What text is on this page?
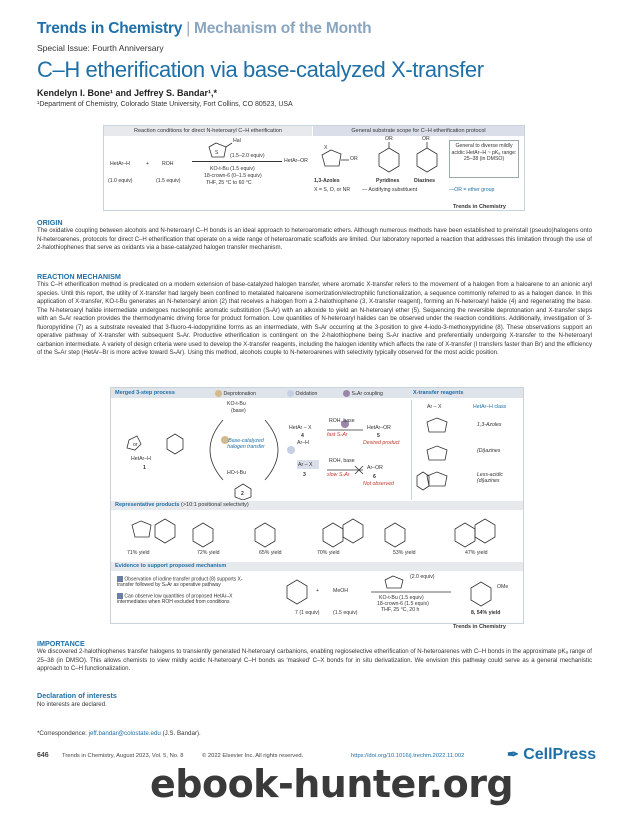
Trends in Chemistry | Mechanism of the Month
Special Issue: Fourth Anniversary
C–H etherification via base-catalyzed X-transfer
Kendelyn I. Bone¹ and Jeffrey S. Bandar¹,*
¹Department of Chemistry, Colorado State University, Fort Collins, CO 80523, USA
Reaction conditions for direct N-heteroaryl C–H etherification	General substrate scope for C–H etherification protocol
HetAr–H	+ ROH
(1.0 equiv)	(1.5 equiv)
S
Hal
(1.5–2.0 equiv)
KO-t-Bu (1.5 equiv)
18-crown-6 (0–1.5 equiv)
THF, 25 °C to 60 °C
HetAr–OR	OR
X
1,3-Azoles
X = S, O, or NR
OR
Pyridines
OR
Diazines
General to diverse mildly acidic HetAr–H ~ pKₐ range: 25–38 (in DMSO)
— Acidifying substituent	—OR = ether group
Trends in Chemistry
ORIGIN
The oxidative coupling between alcohols and N-heteroaryl C–H bonds is an ideal approach to heteroaromatic ethers. Although numerous methods have been established to preinstall (pseudo)halogens onto N-heteroarenes, protocols for direct C–H etherification that operate on a wide range of heteroaromatic scaffolds are limited. Our laboratory reported a reaction that addresses this limitation through the use of 2-halothiophenes that serve as oxidants via a base-catalyzed halogen transfer mechanism.
REACTION MECHANISM
This C–H etherification method is predicated on a modern extension of base-catalyzed halogen transfer, where aromatic X-transfer refers to the movement of a halogen from a haloarene to an anionic aryl species. Until this report, the utility of X-transfer had largely been confined to metalated haloarene isomerization/electrophilic functionalization, a sequence commonly referred to as a halogen dance. In this application of X-transfer, KO-t-Bu generates an N-heteroaryl anion (2) that receives a halogen from a 2-halothiophene (3, X-transfer reagent), forming an N-heteroaryl halide (4) and regenerating the base. The N-heteroaryl halide intermediate undergoes nucleophilic aromatic substitution (SₙAr) with an alkoxide to yield an N-heteroaryl ether (5). Sequencing the reversible deprotonation and X-transfer steps with an SₙAr reaction provides the thermodynamic driving force for product formation. Low quantities of N-heteroaryl halides can be observed under the reaction conditions. Additionally, investigation of 3-fluoropyridine (7) as a substrate revealed that 3-fluoro-4-iodopyridine forms as an intermediate, with SₙAr occurring at the 3-position to give 4-iodo-3-methoxypyridine (8). These observations support an operative pathway of X-transfer with subsequent SₙAr. Productive etherification is contingent on the 2-halothiophene being SₙAr inactive and preferentially undergoing X-transfer to the N-heteroaryl carbanion intermediate. A variety of design criteria were used to develop the X-transfer reagents, including the halogen identity which affects the rate of X-transfer (I transfers faster than Br) and the efficiency of the SₙAr step (HetAr–Br is more active toward SₙAr). Using this method, alcohols couple to N-heteroarenes with selectivity typically observed for the most acidic position.
Merged 3-step process	Deprotonation	Oxidation	SₙAr coupling	X-transfer reagents
or
HetAr–H
1
KO-t-Bu
(base)
Base-catalyzed halogen transfer
HO-t-Bu
2
HetAr – X
4
Ar–H
ROH, base
fast SₙAr
HetAr–OR
5
Desired product
Ar – X
3
ROH, base
slow SₙAr
Ar–OR
6
Not observed
Ar – X	HetAr–H class
1,3-Azoles
(Di)azines
Less-acidic (di)azines
Representative products (>10:1 positional selectivity)
71% yield	72% yield	65% yield	70% yield	53% yield	47% yield
Evidence to support proposed mechanism
Observation of iodine transfer product (8) supports X-transfer followed by SₙAr as operative pathway
Can observe low quantities of proposed HetAr–X intermediates when ROH excluded from conditions
+	MeOH
(2.0 equiv)
KO-t-Bu (1.5 equiv)
18-crown-6 (1.5 equiv)
THF, 25 °C, 20 h
7 (1 equiv)	(1.5 equiv)
OMe
8, 54% yield
Trends in Chemistry
IMPORTANCE
We discovered 2-halothiophenes transfer halogens to transiently generated N-heteroaryl carbanions, enabling regioselective etherification of N-heteroarenes with C–H bonds in the approximate pKₐ range of 25–38 (in DMSO). This allows chemists to view mildly acidic N-heteroaryl C–H bonds as 'masked' C–X bonds for in situ derivatization. We envision this pathway could serve as a general mechanistic approach to C–H functionalization.
Declaration of interests
No interests are declared.
*Correspondence: jeff.bandar@colostate.edu (J.S. Bandar).
646 Trends in Chemistry, August 2023, Vol. 5, No. 8	© 2022 Elsevier Inc. All rights reserved.	https://doi.org/10.1016/j.trechm.2022.11.002	✒ CellPress
ebook-hunter.org
